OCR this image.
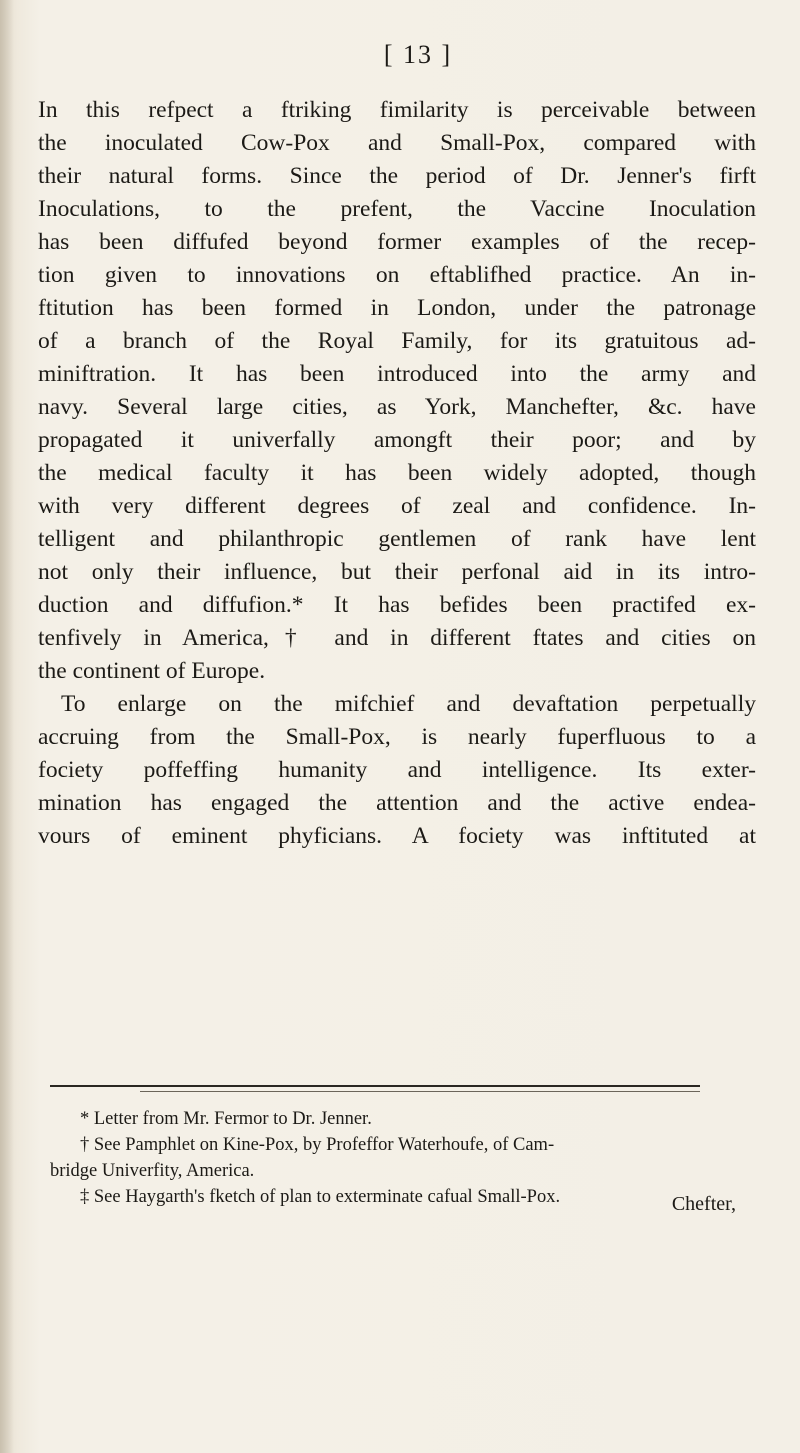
[ 13 ]
In this refpect a ftriking fimilarity is perceivable between
the inoculated Cow-Pox and Small-Pox, compared with
their natural forms. Since the period of Dr. Jenner's firft
Inoculations, to the prefent, the Vaccine Inoculation
has been diffufed beyond former examples of the recep-
tion given to innovations on eftablifhed practice. An in-
ftitution has been formed in London, under the patronage
of a branch of the Royal Family, for its gratuitous ad-
miniftration. It has been introduced into the army and
navy. Several large cities, as York, Manchefter, &c. have
propagated it univerfally amongft their poor; and by
the medical faculty it has been widely adopted, though
with very different degrees of zeal and confidence. In-
telligent and philanthropic gentlemen of rank have lent
not only their influence, but their perfonal aid in its intro-
duction and diffufion.* It has befides been practifed ex-
tenfively in America,† and in different ftates and cities on
the continent of Europe.
To enlarge on the mifchief and devaftation perpetually
accruing from the Small-Pox, is nearly fuperfluous to a
fociety poffeffing humanity and intelligence. Its exter-
mination has engaged the attention and the active endea-
vours of eminent phyficians. A fociety was inftituted at
* Letter from Mr. Fermor to Dr. Jenner.
† See Pamphlet on Kine-Pox, by Profeffor Waterhoufe, of Cam-
bridge Univerfity, America.
‡ See Haygarth's fketch of plan to exterminate cafual Small-Pox.	Chefter,
